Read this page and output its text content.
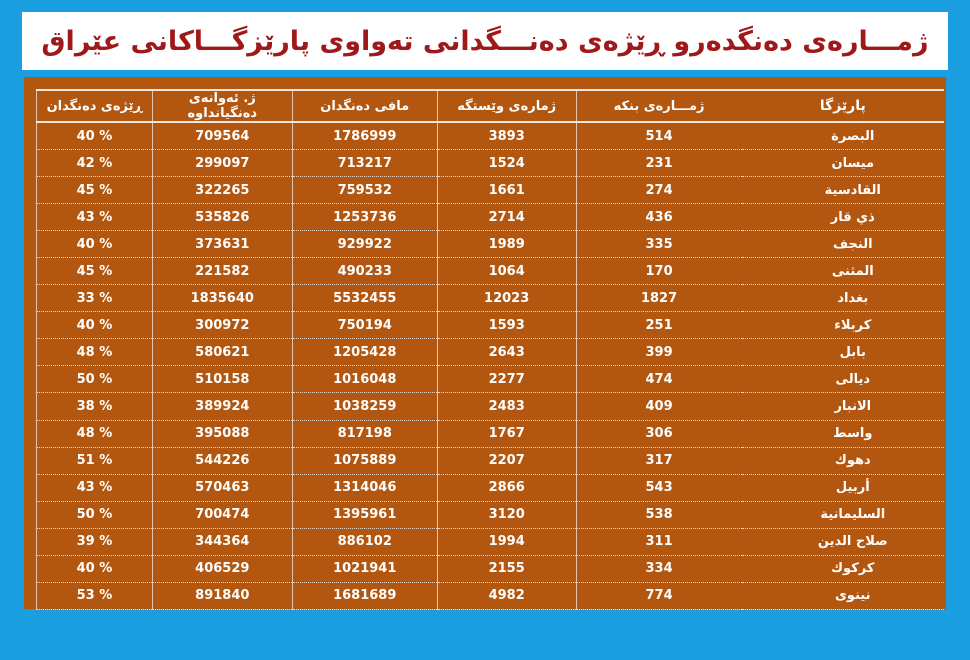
ژمـــارەی دەنگدەرو ڕێژەی دەنـــگدانی تەواوی پارێزگـــاکانی عێراق
پارێزگا	ژمـــارەی بنکە	ژمارەی وێستگە	مافی دەنگدان	ژ. ئەوانەی دەنگیانداوە	ڕێژەی دەنگدان
البصرة	514	3893	1786999	709564	40 %
ميسان	231	1524	713217	299097	42 %
القادسية	274	1661	759532	322265	45 %
ذي قار	436	2714	1253736	535826	43 %
النجف	335	1989	929922	373631	40 %
المثنى	170	1064	490233	221582	45 %
بغداد	1827	12023	5532455	1835640	33 %
كربلاء	251	1593	750194	300972	40 %
بابل	399	2643	1205428	580621	48 %
ديالى	474	2277	1016048	510158	50 %
الانبار	409	2483	1038259	389924	38 %
واسط	306	1767	817198	395088	48 %
دهوك	317	2207	1075889	544226	51 %
أربيل	543	2866	1314046	570463	43 %
السليمانية	538	3120	1395961	700474	50 %
صلاح الدين	311	1994	886102	344364	39 %
كركوك	334	2155	1021941	406529	40 %
نينوى	774	4982	1681689	891840	53 %
